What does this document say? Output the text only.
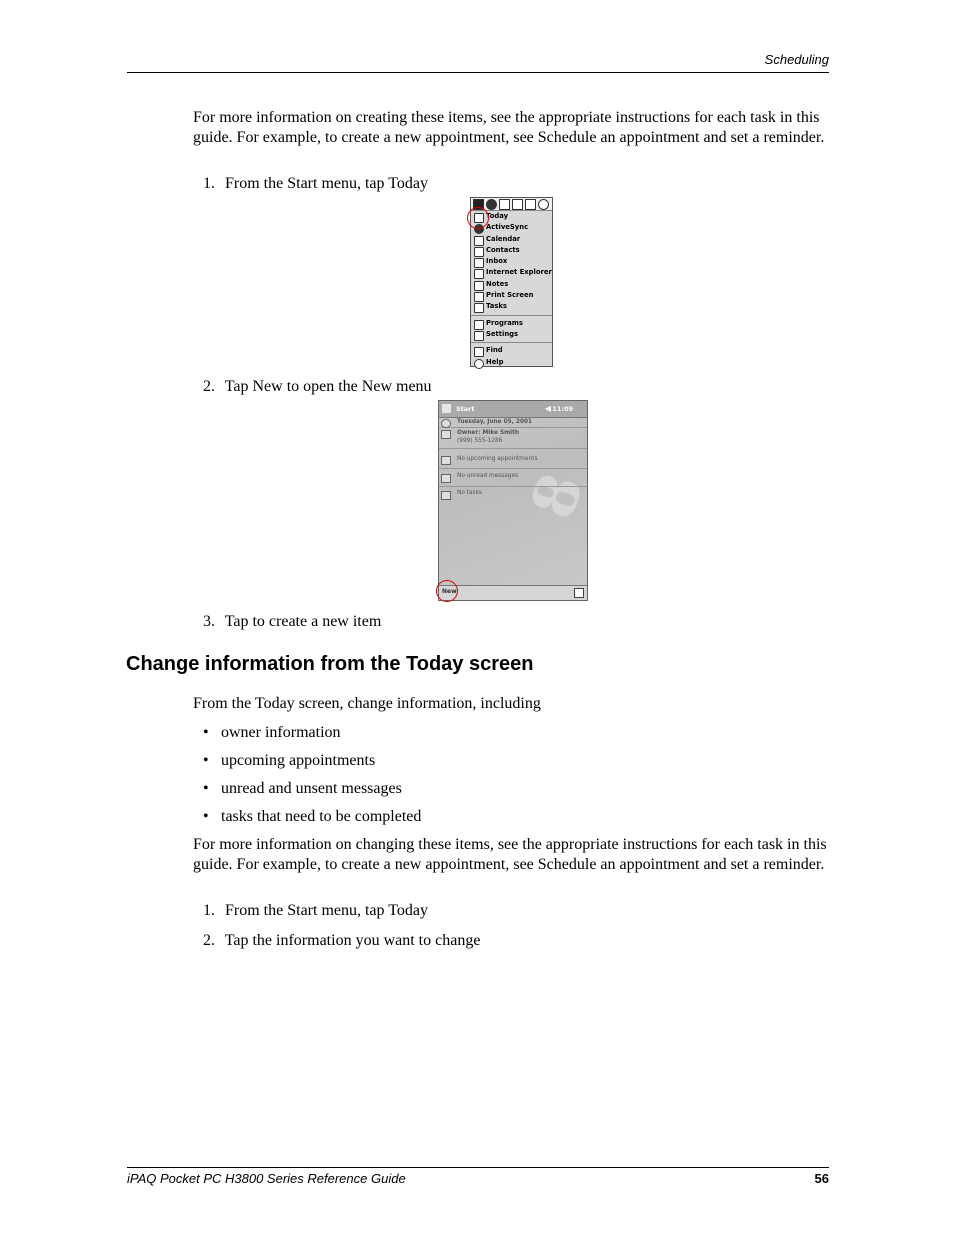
Scheduling

For more information on creating these items, see the appropriate instructions for each task in this guide. For example, to create a new appointment, see Schedule an appointment and set a reminder.

1. From the Start menu, tap Today
Today
ActiveSync
Calendar
Contacts
Inbox
Internet Explorer
Notes
Print Screen
Tasks
Programs
Settings
Find
Help
2. Tap New to open the New menu
8
Start	◀ 11:09
Tuesday, June 05, 2001
Owner: Mike Smith
(999) 555-1286
No upcoming appointments
No unread messages
No tasks
New
3. Tap to create a new item
Change information from the Today screen

From the Today screen, change information, including

• owner information
• upcoming appointments
• unread and unsent messages
• tasks that need to be completed

For more information on changing these items, see the appropriate instructions for each task in this guide. For example, to create a new appointment, see Schedule an appointment and set a reminder.

1. From the Start menu, tap Today
2. Tap the information you want to change
iPAQ Pocket PC H3800 Series Reference Guide	56
